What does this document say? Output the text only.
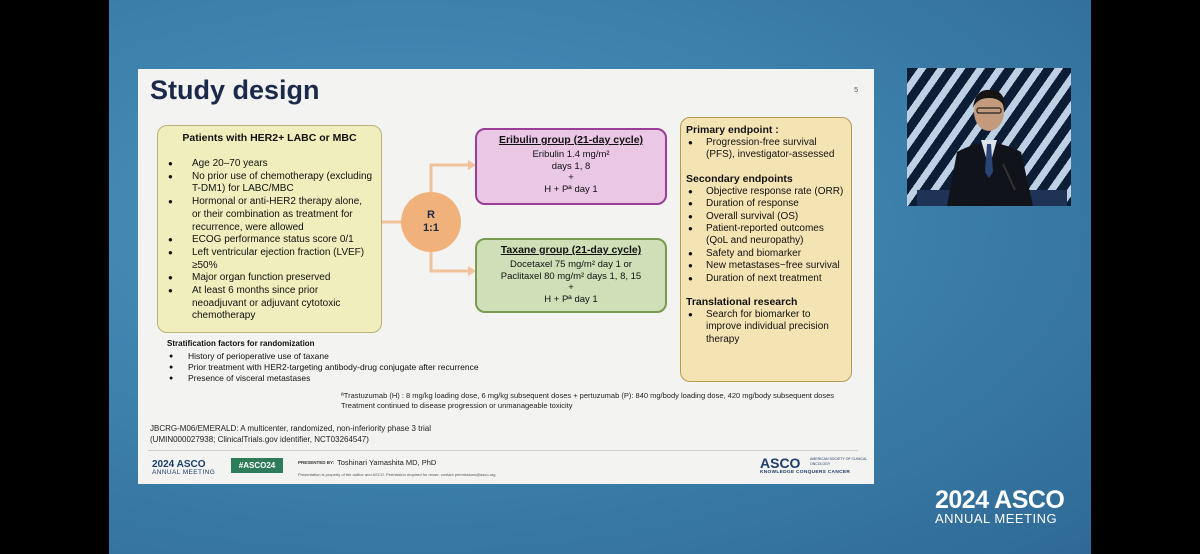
Study design	5
Patients with HER2+ LABC or MBC
● Age 20–70 years
● No prior use of chemotherapy (excluding T-DM1) for LABC/MBC
● Hormonal or anti-HER2 therapy alone, or their combination as treatment for recurrence, were allowed
● ECOG performance status score 0/1
● Left ventricular ejection fraction (LVEF) ≥50%
● Major organ function preserved
● At least 6 months since prior neoadjuvant or adjuvant cytotoxic chemotherapy
Stratification factors for randomization
● History of perioperative use of taxane
● Prior treatment with HER2-targeting antibody-drug conjugate after recurrence
● Presence of visceral metastases
R
1:1
Eribulin group (21-day cycle)
Eribulin 1.4 mg/m²
days 1, 8
+
H + Pª day 1
Taxane group (21-day cycle)
Docetaxel 75 mg/m² day 1 or
Paclitaxel 80 mg/m² days 1, 8, 15
+
H + Pª day 1
Primary endpoint :
● Progression-free survival (PFS), investigator-assessed
Secondary endpoints
● Objective response rate (ORR)
● Duration of response
● Overall survival (OS)
● Patient-reported outcomes (QoL and neuropathy)
● Safety and biomarker
● New metastases−free survival
● Duration of next treatment
Translational research
● Search for biomarker to improve individual precision therapy
ªTrastuzumab (H) : 8 mg/kg loading dose, 6 mg/kg subsequent doses + pertuzumab (P): 840 mg/body loading dose, 420 mg/body subsequent doses
Treatment continued to disease progression or unmanageable toxicity
JBCRG-M06/EMERALD: A multicenter, randomized, non-inferiority phase 3 trial
(UMIN000027938; ClinicalTrials.gov identifier, NCT03264547)
2024 ASCO
ANNUAL MEETING
#ASCO24	PRESENTED BY: Toshinari Yamashita MD, PhD
Presentation is property of the author and ASCO. Permission required for reuse; contact permissions@asco.org.
ASCO	AMERICAN SOCIETY OF CLINICAL ONCOLOGY
KNOWLEDGE CONQUERS CANCER
2024 ASCO
ANNUAL MEETING
